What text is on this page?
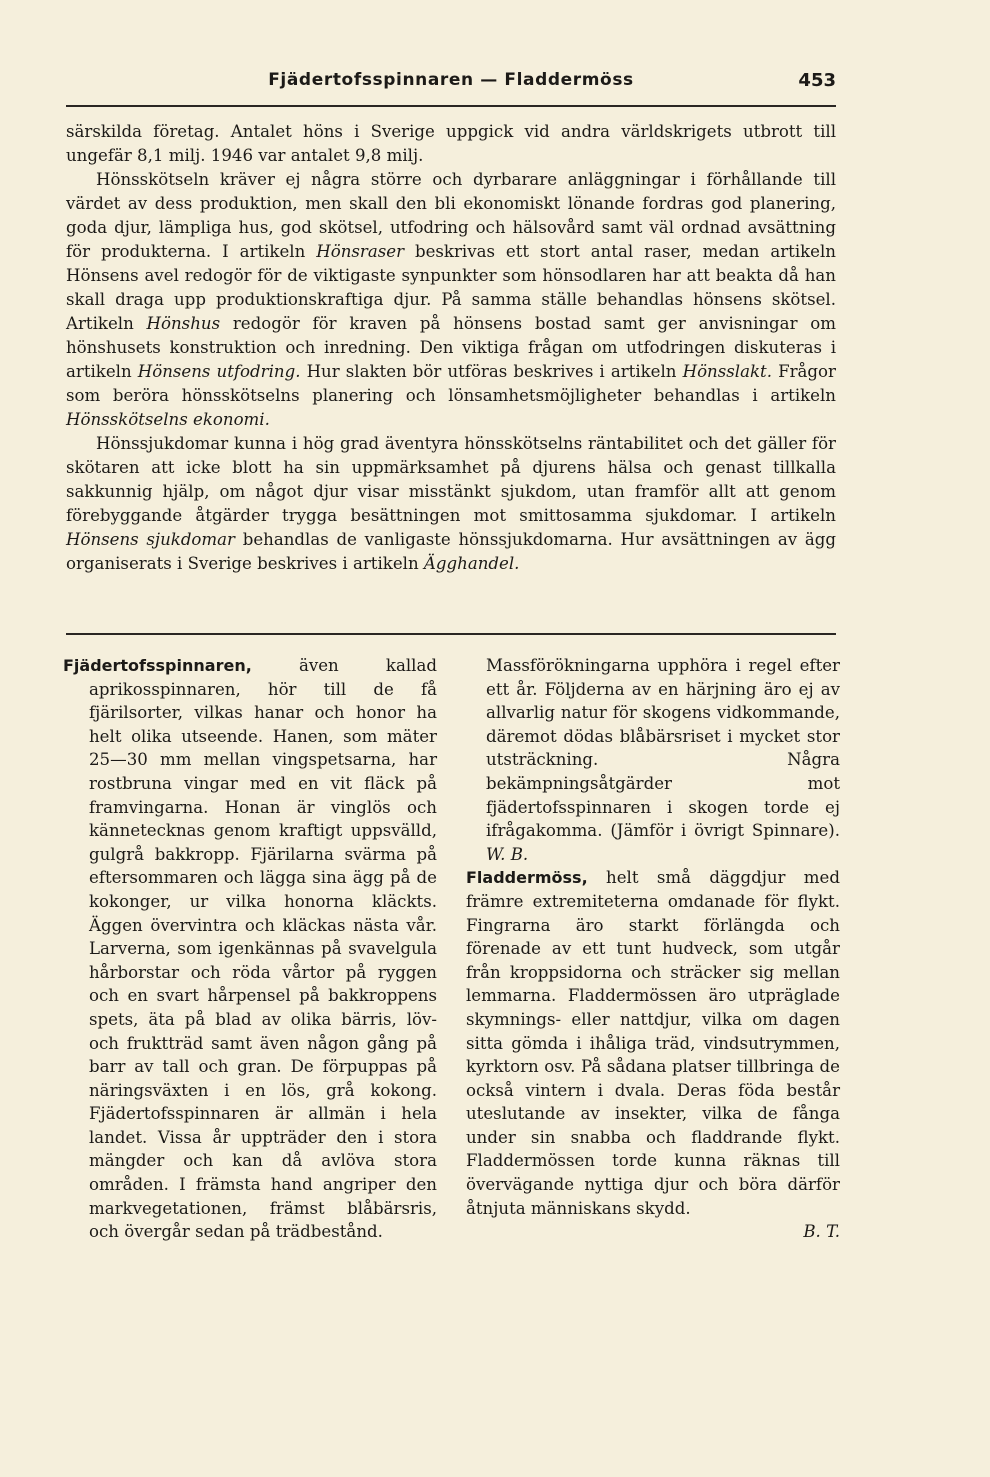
Fjädertofsspinnaren — Fladdermöss	453

särskilda företag. Antalet höns i Sverige uppgick vid andra världskrigets utbrott till ungefär 8,1 milj. 1946 var antalet 9,8 milj.

Hönsskötseln kräver ej några större och dyrbarare anläggningar i förhållande till värdet av dess produktion, men skall den bli ekonomiskt lönande fordras god planering, goda djur, lämpliga hus, god skötsel, utfodring och hälsovård samt väl ordnad avsättning för produkterna. I artikeln Hönsraser beskrivas ett stort antal raser, medan artikeln Hönsens avel redogör för de viktigaste synpunkter som hönsodlaren har att beakta då han skall draga upp produktionskraftiga djur. På samma ställe behandlas hönsens skötsel. Artikeln Hönshus redogör för kraven på hönsens bostad samt ger anvisningar om hönshusets konstruktion och inredning. Den viktiga frågan om utfodringen diskuteras i artikeln Hönsens utfodring. Hur slakten bör utföras beskrives i artikeln Hönsslakt. Frågor som beröra hönsskötselns planering och lönsamhetsmöjligheter behandlas i artikeln Hönsskötselns ekonomi.

Hönssjukdomar kunna i hög grad äventyra hönsskötselns räntabilitet och det gäller för skötaren att icke blott ha sin uppmärksamhet på djurens hälsa och genast tillkalla sakkunnig hjälp, om något djur visar misstänkt sjukdom, utan framför allt att genom förebyggande åtgärder trygga besättningen mot smittosamma sjukdomar. I artikeln Hönsens sjukdomar behandlas de vanligaste hönssjukdomarna. Hur avsättningen av ägg organiserats i Sverige beskrives i artikeln Ägghandel.

Fjädertofsspinnaren, även kallad aprikosspinnaren, hör till de få fjärilsorter, vilkas hanar och honor ha helt olika utseende. Hanen, som mäter 25—30 mm mellan vingspetsarna, har rostbruna vingar med en vit fläck på framvingarna. Honan är vinglös och kännetecknas genom kraftigt uppsvälld, gulgrå bakkropp. Fjärilarna svärma på eftersommaren och lägga sina ägg på de kokonger, ur vilka honorna kläckts. Äggen övervintra och kläckas nästa vår. Larverna, som igenkännas på svavelgula hårborstar och röda vårtor på ryggen och en svart hårpensel på bakkroppens spets, äta på blad av olika bärris, löv- och fruktträd samt även någon gång på barr av tall och gran. De förpuppas på näringsväxten i en lös, grå kokong. Fjädertofsspinnaren är allmän i hela landet. Vissa år uppträder den i stora mängder och kan då avlöva stora områden. I främsta hand angriper den markvegetationen, främst blåbärsris, och övergår sedan på trädbestånd.

Massförökningarna upphöra i regel efter ett år. Följderna av en härjning äro ej av allvarlig natur för skogens vidkommande, däremot dödas blåbärsriset i mycket stor utsträckning. Några bekämpningsåtgärder mot fjädertofsspinnaren i skogen torde ej ifrågakomma. (Jämför i övrigt Spinnare). W. B.

Fladdermöss, helt små däggdjur med främre extremiteterna omdanade för flykt. Fingrarna äro starkt förlängda och förenade av ett tunt hudveck, som utgår från kroppsidorna och sträcker sig mellan lemmarna. Fladdermössen äro utpräglade skymnings- eller nattdjur, vilka om dagen sitta gömda i ihåliga träd, vindsutrymmen, kyrktorn osv. På sådana platser tillbringa de också vintern i dvala. Deras föda består uteslutande av insekter, vilka de fånga under sin snabba och fladdrande flykt. Fladdermössen torde kunna räknas till övervägande nyttiga djur och böra därför åtnjuta människans skydd.

B. T.
